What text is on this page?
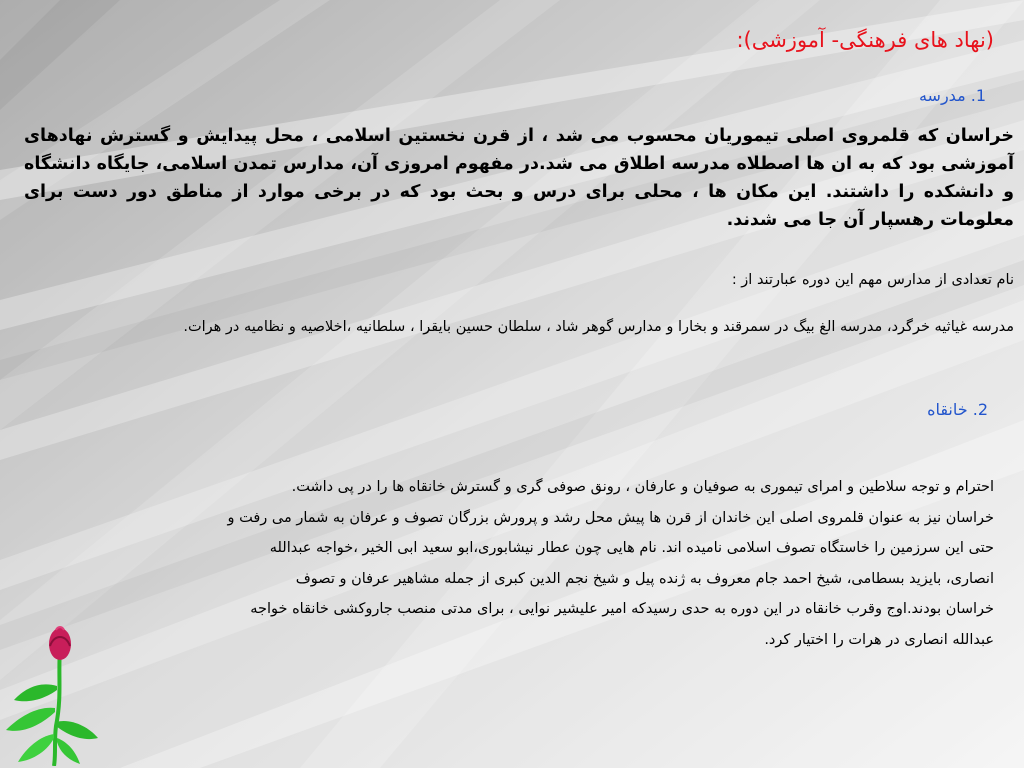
(نهاد های فرهنگی- آموزشی):
1. مدرسه
خراسان که قلمروی اصلی تیموریان محسوب می شد ، از قرن نخستین اسلامی ، محل پیدایش و گسترش نهادهای آموزشی بود که به ان ها اصطلاه مدرسه اطلاق می شد.در مفهوم امروزی آن، مدارس تمدن اسلامی، جایگاه دانشگاه و دانشکده را داشتند. این مکان ها ، محلی برای درس و بحث بود که در برخی موارد از مناطق دور دست برای معلومات رهسپار آن جا می شدند.
نام تعدادی از مدارس مهم این دوره عبارتند از :
مدرسه غیاثیه خرگرد، مدرسه الغ بیگ در سمرقند و بخارا و مدارس گوهر شاد ، سلطان حسین بایقرا ، سلطانیه ،اخلاصیه و نظامیه در هرات.
2. خانقاه
احترام و توجه سلاطین و امرای تیموری به صوفیان و عارفان ، رونق صوفی گری و گسترش خانقاه ها را در پی داشت.
خراسان نیز به عنوان قلمروی اصلی این خاندان از قرن ها پیش محل رشد و پرورش بزرگان تصوف و عرفان به شمار می رفت و
حتی این سرزمین را خاستگاه تصوف اسلامی نامیده اند. نام هایی چون عطار نیشابوری،ابو سعید ابی الخیر ،خواجه عبدالله
انصاری، بایزید بسطامی، شیخ احمد جام معروف به ژنده پیل و شیخ نجم الدین کبری از جمله مشاهیر عرفان و تصوف
خراسان بودند.اوج وقرب خانقاه در این دوره به حدی رسیدکه امیر علیشیر نوایی ، برای مدتی منصب جاروکشی خانقاه خواجه
عبدالله انصاری در هرات را اختیار کرد.
